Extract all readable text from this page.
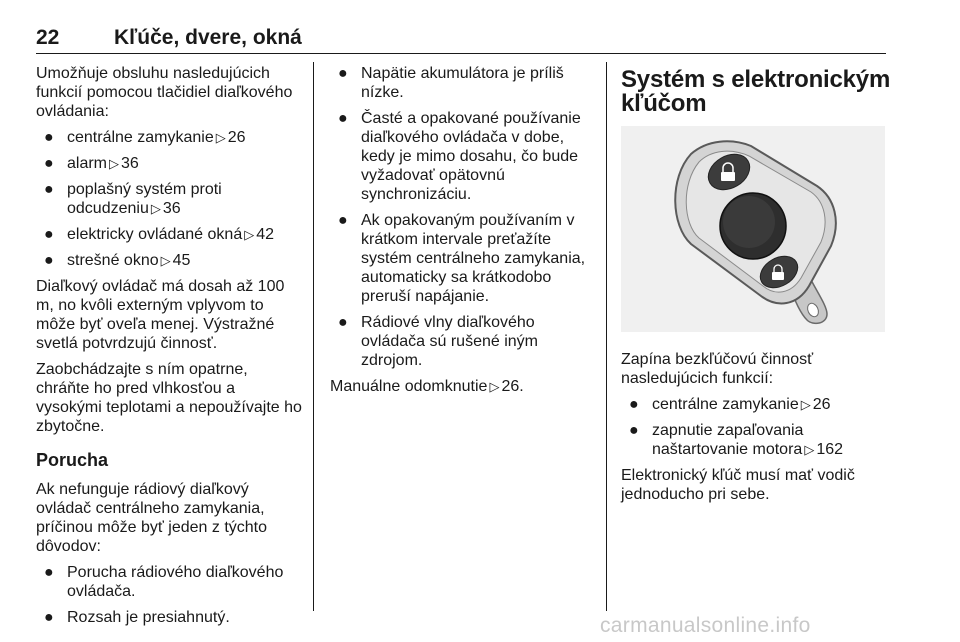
22	Kľúče, dvere, okná

Umožňuje obsluhu nasledujúcich funkcií pomocou tlačidiel diaľkového ovládania:

● centrálne zamykanie ▷ 26
● alarm ▷ 36
● poplašný systém proti odcudzeniu ▷ 36
● elektricky ovládané okná ▷ 42
● strešné okno ▷ 45

Diaľkový ovládač má dosah až 100 m, no kvôli externým vplyvom to môže byť oveľa menej. Výstražné svetlá potvrdzujú činnosť.

Zaobchádzajte s ním opatrne, chráňte ho pred vlhkosťou a vysokými teplotami a nepoužívajte ho zbytočne.

Porucha

Ak nefunguje rádiový diaľkový ovládač centrálneho zamykania, príčinou môže byť jeden z týchto dôvodov:

● Porucha rádiového diaľkového ovládača.
● Rozsah je presiahnutý.
● Napätie akumulátora je príliš nízke.
● Časté a opakované používanie diaľkového ovládača v dobe, kedy je mimo dosahu, čo bude vyžadovať opätovnú synchronizáciu.
● Ak opakovaným používaním v krátkom intervale preťažíte systém centrálneho zamykania, automaticky sa krátkodobo preruší napájanie.
● Rádiové vlny diaľkového ovládača sú rušené iným zdrojom.

Manuálne odomknutie ▷ 26.

Systém s elektronickým kľúčom

Zapína bezkľúčovú činnosť nasledujúcich funkcií:

● centrálne zamykanie ▷ 26
● zapnutie zapaľovania naštartovanie motora ▷ 162

Elektronický kľúč musí mať vodič jednoducho pri sebe.

carmanualsonline.info
